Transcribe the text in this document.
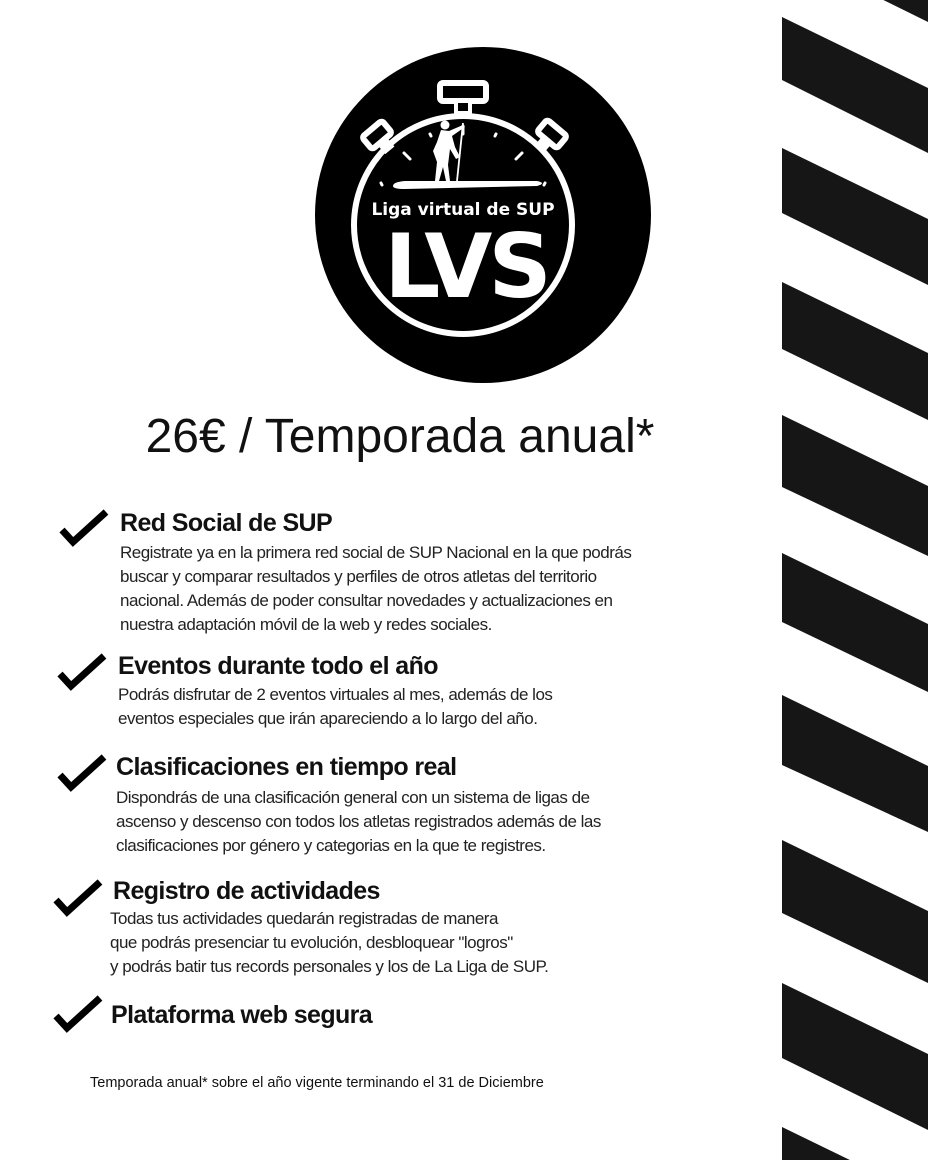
Liga virtual de SUP
LVS
26€ / Temporada anual*
Red Social de SUP
Registrate ya en la primera red social de SUP Nacional en la que podrás
buscar y comparar resultados y perfiles de otros atletas del territorio
nacional. Además de poder consultar novedades y actualizaciones en
nuestra adaptación móvil de la web y redes sociales.
Eventos durante todo el año
Podrás disfrutar de 2 eventos virtuales al mes, además de los
eventos especiales que irán apareciendo a lo largo del año.
Clasificaciones en tiempo real
Dispondrás de una clasificación general con un sistema de ligas de
ascenso y descenso con todos los atletas registrados además de las
clasificaciones por género y categorias en la que te registres.
Registro de actividades
Todas tus actividades quedarán registradas de manera
que podrás presenciar tu evolución, desbloquear "logros"
y podrás batir tus records personales y los de La Liga de SUP.
Plataforma web segura
Temporada anual* sobre el año vigente terminando el 31 de Diciembre
